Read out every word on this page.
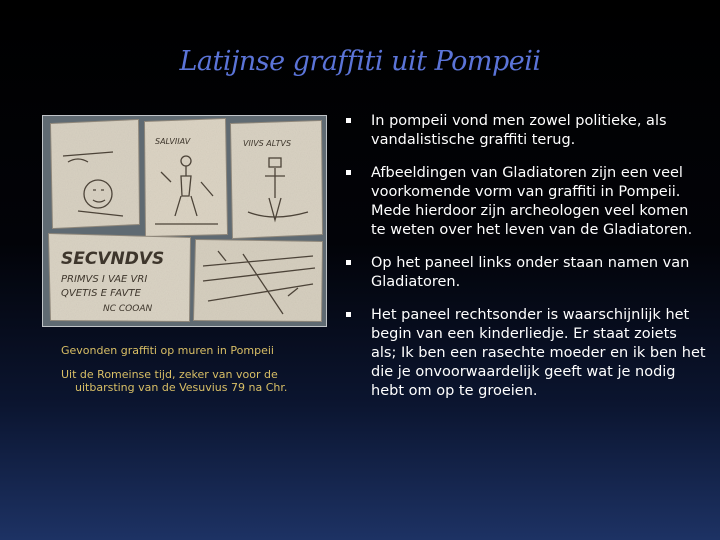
Latijnse graffiti uit Pompeii
SALVIIAV	VIIVS ALTVS
SECVNDVS
PRIMVS I VAE VRI
QVETIS E FAVTE
NC COOAN
Gevonden graffiti op muren in Pompeii
Uit de Romeinse tijd, zeker van voor de uitbarsting van de Vesuvius 79 na Chr.
In pompeii vond men zowel politieke, als vandalistische graffiti terug.
Afbeeldingen van Gladiatoren zijn een veel voorkomende vorm van graffiti in Pompeii. Mede hierdoor zijn archeologen veel komen te weten over het leven van de Gladiatoren.
Op het paneel links onder staan namen van Gladiatoren.
Het paneel rechtsonder is waarschijnlijk het begin van een kinderliedje. Er staat zoiets als; Ik ben een rasechte moeder en ik ben het die je onvoorwaardelijk geeft wat je nodig hebt om op te groeien.
